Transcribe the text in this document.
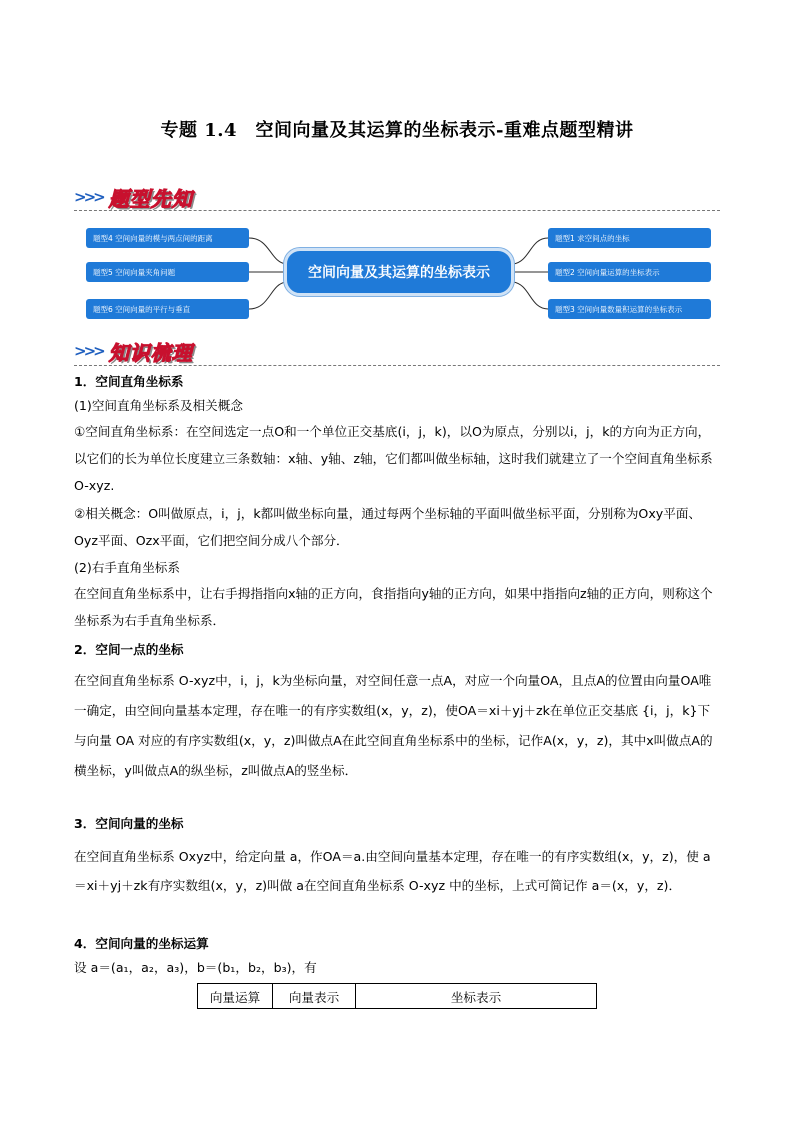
专题 1.4　空间向量及其运算的坐标表示-重难点题型精讲
>>> 题型先知
题型4 空间向量的模与两点间的距离
题型5 空间向量夹角问题
题型6 空间向量的平行与垂直
空间向量及其运算的坐标表示
题型1 求空间点的坐标
题型2 空间向量运算的坐标表示
题型3 空间向量数量积运算的坐标表示
>>> 知识梳理
1．空间直角坐标系
(1)空间直角坐标系及相关概念
①空间直角坐标系：在空间选定一点O和一个单位正交基底(i，j，k)，以O为原点，分别以i，j，k的方向为正方向，以它们的长为单位长度建立三条数轴：x轴、y轴、z轴，它们都叫做坐标轴，这时我们就建立了一个空间直角坐标系 O-xyz.
②相关概念：O叫做原点，i，j，k都叫做坐标向量，通过每两个坐标轴的平面叫做坐标平面，分别称为Oxy平面、Oyz平面、Ozx平面，它们把空间分成八个部分．
(2)右手直角坐标系
在空间直角坐标系中，让右手拇指指向x轴的正方向，食指指向y轴的正方向，如果中指指向z轴的正方向，则称这个坐标系为右手直角坐标系．
2．空间一点的坐标
在空间直角坐标系 O-xyz中，i，j，k为坐标向量，对空间任意一点A，对应一个向量OA，且点A的位置由向量OA唯一确定，由空间向量基本定理，存在唯一的有序实数组(x，y，z)，使OA＝xi＋yj＋zk在单位正交基底 {i，j，k}下与向量 OA 对应的有序实数组(x，y，z)叫做点A在此空间直角坐标系中的坐标，记作A(x，y，z)，其中x叫做点A的横坐标，y叫做点A的纵坐标，z叫做点A的竖坐标．
3．空间向量的坐标
在空间直角坐标系 Oxyz中，给定向量 a，作OA＝a.由空间向量基本定理，存在唯一的有序实数组(x，y，z)，使 a＝xi＋yj＋zk有序实数组(x，y，z)叫做 a在空间直角坐标系 O-xyz 中的坐标，上式可简记作 a＝(x，y，z)．
4．空间向量的坐标运算
设 a＝(a₁，a₂，a₃)，b＝(b₁，b₂，b₃)，有
向量运算	向量表示	坐标表示
